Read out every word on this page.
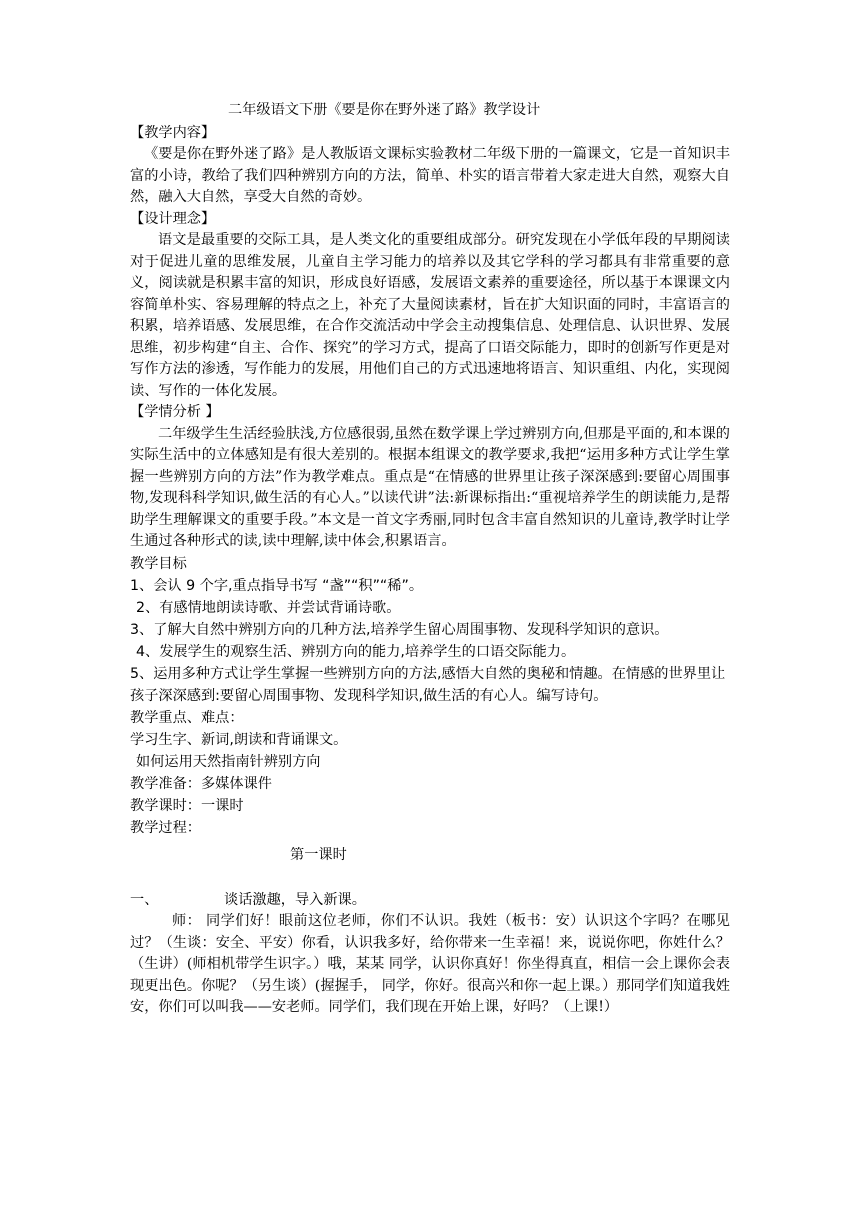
二年级语文下册《要是你在野外迷了路》教学设计

【教学内容】

《要是你在野外迷了路》是人教版语文课标实验教材二年级下册的一篇课文，它是一首知识丰富的小诗，教给了我们四种辨别方向的方法，简单、朴实的语言带着大家走进大自然，观察大自然，融入大自然，享受大自然的奇妙。

【设计理念】

语文是最重要的交际工具，是人类文化的重要组成部分。研究发现在小学低年段的早期阅读对于促进儿童的思维发展，儿童自主学习能力的培养以及其它学科的学习都具有非常重要的意义，阅读就是积累丰富的知识，形成良好语感，发展语文素养的重要途径，所以基于本课课文内容简单朴实、容易理解的特点之上，补充了大量阅读素材，旨在扩大知识面的同时，丰富语言的积累，培养语感、发展思维，在合作交流活动中学会主动搜集信息、处理信息、认识世界、发展思维，初步构建“自主、合作、探究”的学习方式，提高了口语交际能力，即时的创新写作更是对写作方法的渗透，写作能力的发展，用他们自己的方式迅速地将语言、知识重组、内化，实现阅读、写作的一体化发展。

【学情分析 】

二年级学生生活经验肤浅,方位感很弱,虽然在数学课上学过辨别方向,但那是平面的,和本课的实际生活中的立体感知是有很大差别的。根据本组课文的教学要求,我把“运用多种方式让学生掌握一些辨别方向的方法”作为教学难点。重点是“在情感的世界里让孩子深深感到:要留心周围事物,发现科科学知识,做生活的有心人。”以读代讲”法:新课标指出:“重视培养学生的朗读能力,是帮助学生理解课文的重要手段。”本文是一首文字秀丽,同时包含丰富自然知识的儿童诗,教学时让学生通过各种形式的读,读中理解,读中体会,积累语言。

教学目标

1、会认 9 个字,重点指导书写 “盏”“积”“稀”。

2、有感情地朗读诗歌、并尝试背诵诗歌。

3、了解大自然中辨别方向的几种方法,培养学生留心周围事物、发现科学知识的意识。

4、发展学生的观察生活、辨别方向的能力,培养学生的口语交际能力。

5、运用多种方式让学生掌握一些辨别方向的方法,感悟大自然的奥秘和情趣。在情感的世界里让孩子深深感到:要留心周围事物、发现科学知识,做生活的有心人。编写诗句。

教学重点、难点：

学习生字、新词,朗读和背诵课文。

如何运用天然指南针辨别方向

教学准备：多媒体课件

教学课时：一课时

教学过程：

第一课时

一、	谈话激趣，导入新课。

师： 同学们好！眼前这位老师，你们不认识。我姓（板书：安）认识这个字吗？在哪见过？（生谈：安全、平安）你看，认识我多好，给你带来一生幸福！来，说说你吧，你姓什么？（生讲）(师相机带学生识字。）哦，某某 同学，认识你真好！你坐得真直，相信一会上课你会表现更出色。你呢？（另生谈）(握握手， 同学，你好。很高兴和你一起上课。）那同学们知道我姓安，你们可以叫我——安老师。同学们，我们现在开始上课，好吗？（上课!）
